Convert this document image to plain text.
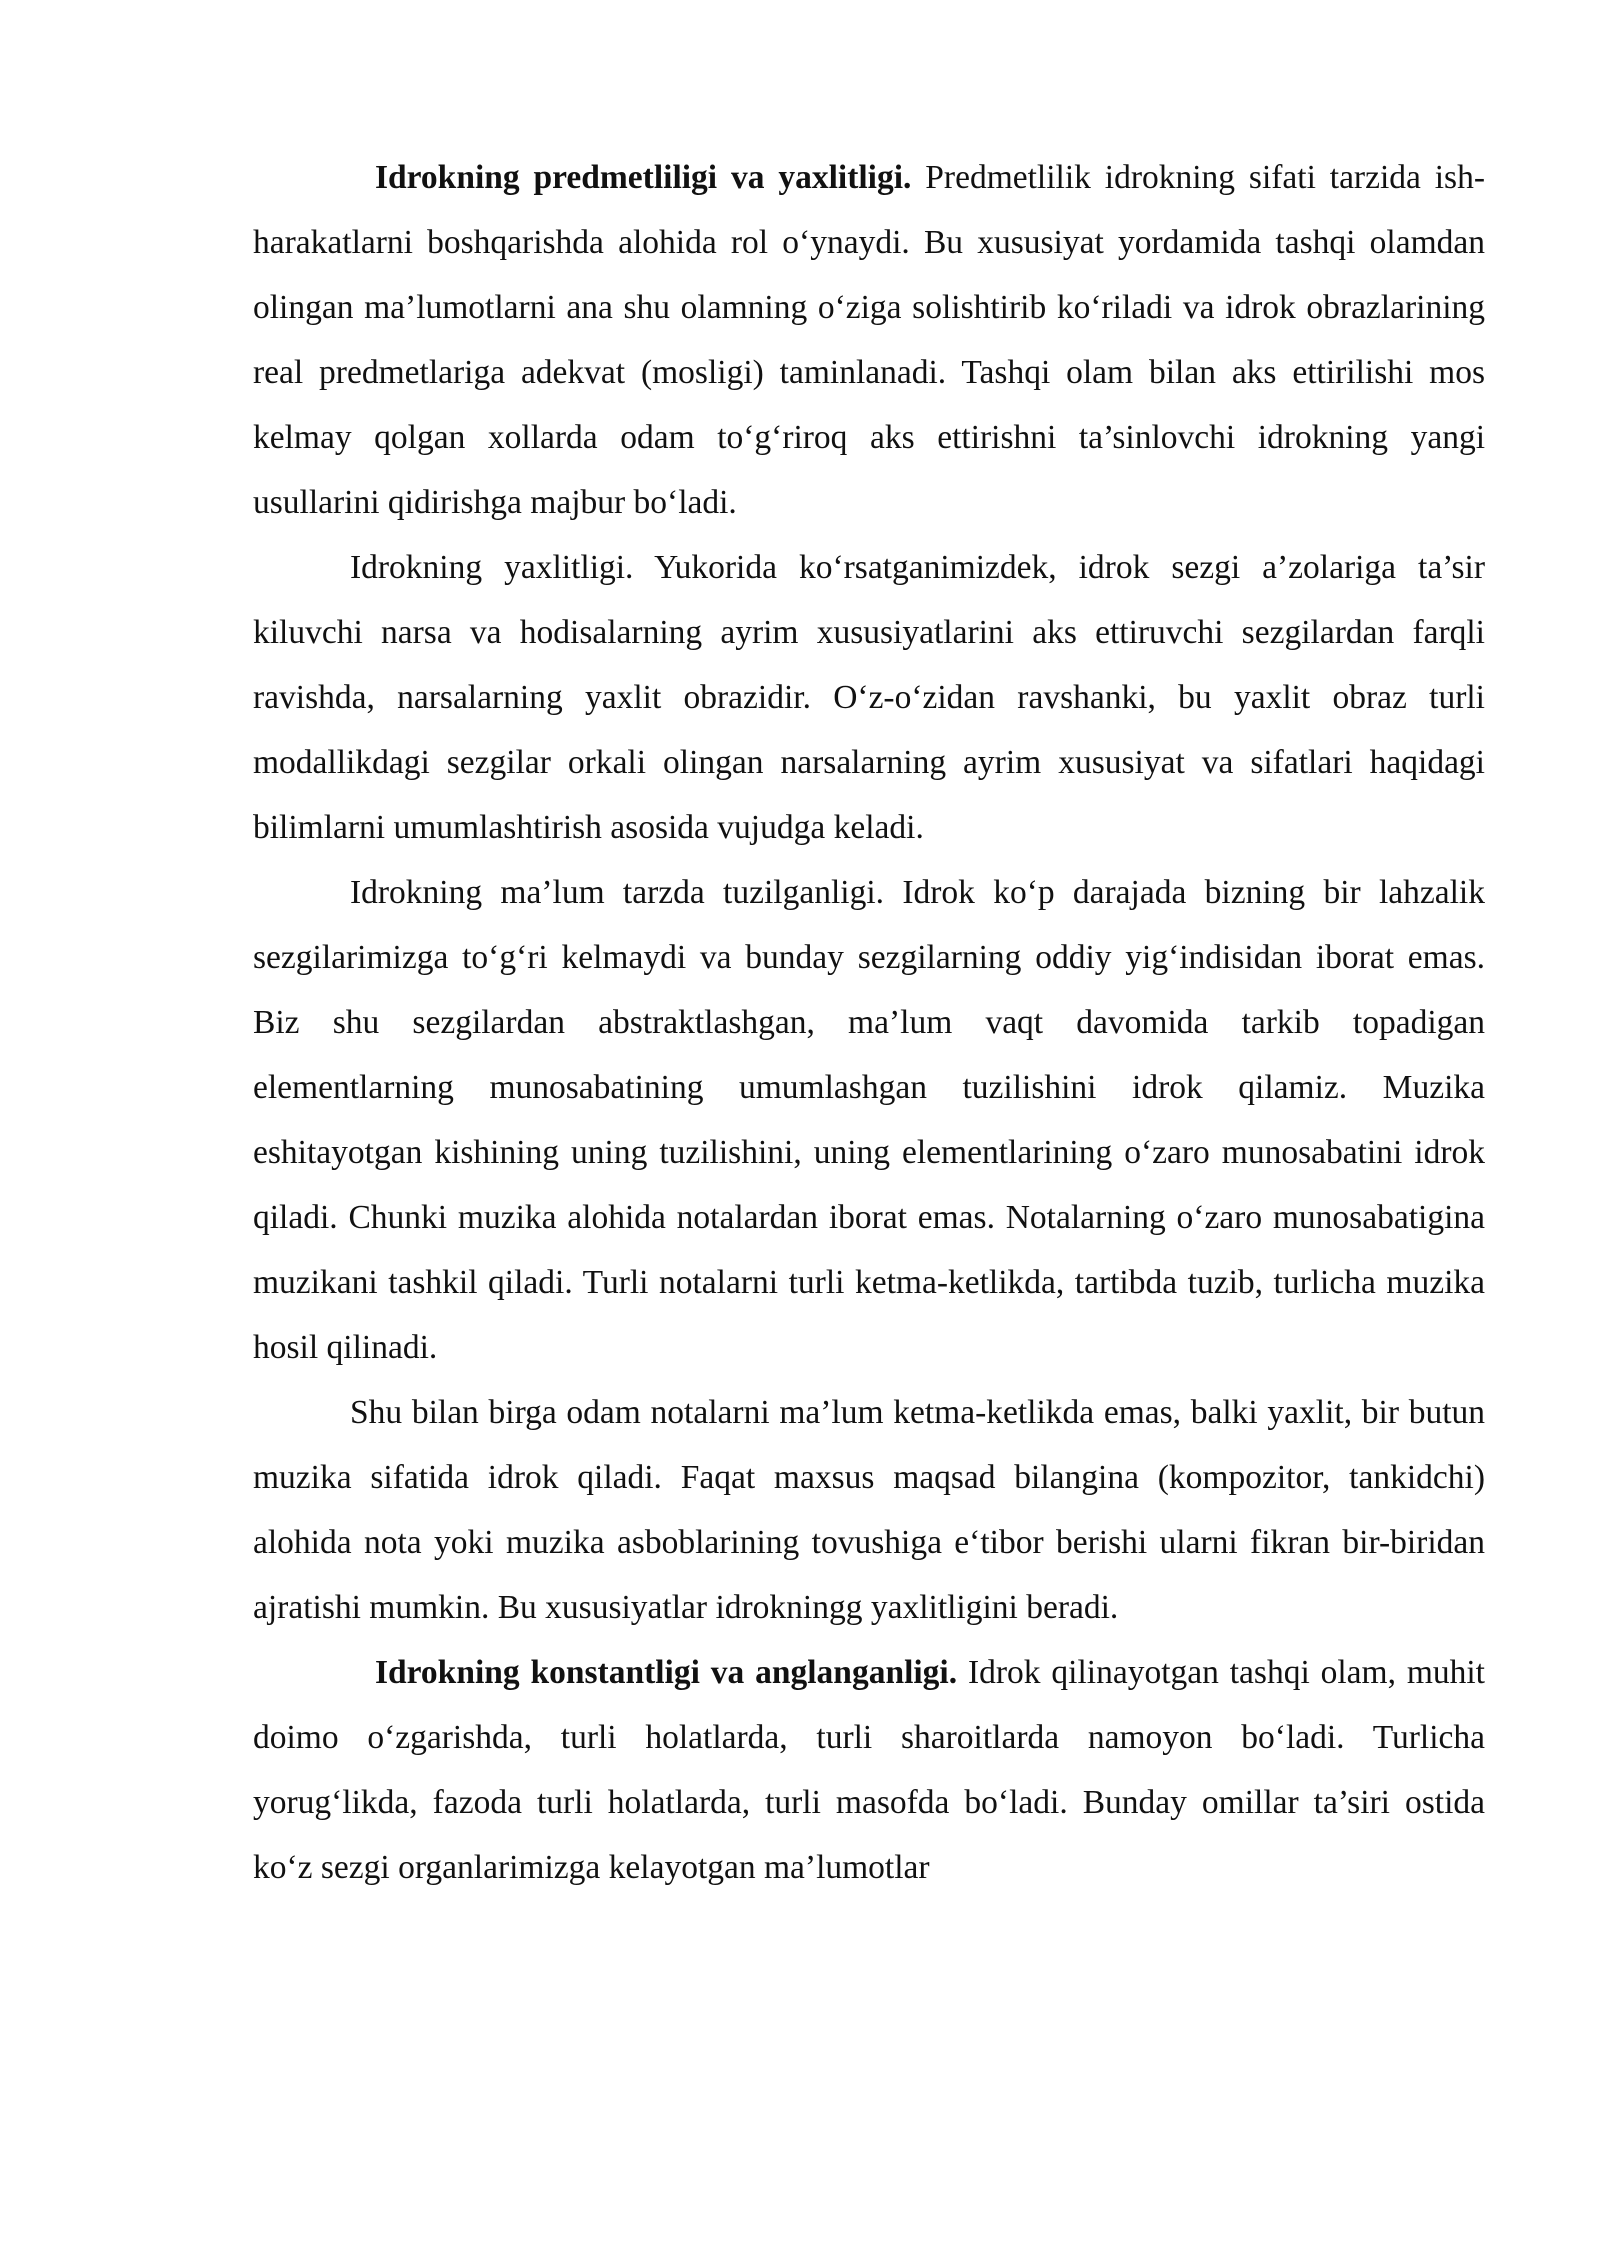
Idrokning predmetliligi va yaxlitligi. Predmetlilik idrokning sifati tarzida ish-harakatlarni boshqarishda alohida rol o‘ynaydi. Bu xususiyat yordamida tashqi olamdan olingan ma’lumotlarni ana shu olamning o‘ziga solishtirib ko‘riladi va idrok obrazlarining real predmetlariga adekvat (mosligi) taminlanadi. Tashqi olam bilan aks ettirilishi mos kelmay qolgan xollarda odam to‘g‘riroq aks ettirishni ta’sinlovchi idrokning yangi usullarini qidirishga majbur bo‘ladi.

Idrokning yaxlitligi. Yukorida ko‘rsatganimizdek, idrok sezgi a’zolariga ta’sir kiluvchi narsa va hodisalarning ayrim xususiyatlarini aks ettiruvchi sezgilardan farqli ravishda, narsalarning yaxlit obrazidir. O‘z-o‘zidan ravshanki, bu yaxlit obraz turli modallikdagi sezgilar orkali olingan narsalarning ayrim xususiyat va sifatlari haqidagi bilimlarni umumlashtirish asosida vujudga keladi.

Idrokning ma’lum tarzda tuzilganligi. Idrok ko‘p darajada bizning bir lahzalik sezgilarimizga to‘g‘ri kelmaydi va bunday sezgilarning oddiy yig‘indisidan iborat emas. Biz shu sezgilardan abstraktlashgan, ma’lum vaqt davomida tarkib topadigan elementlarning munosabatining umumlashgan tuzilishini idrok qilamiz. Muzika eshitayotgan kishining uning tuzilishini, uning elementlarining o‘zaro munosabatini idrok qiladi. Chunki muzika alohida notalardan iborat emas. Notalarning o‘zaro munosabatigina muzikani tashkil qiladi. Turli notalarni turli ketma-ketlikda, tartibda tuzib, turlicha muzika hosil qilinadi.

Shu bilan birga odam notalarni ma’lum ketma-ketlikda emas, balki yaxlit, bir butun muzika sifatida idrok qiladi. Faqat maxsus maqsad bilangina (kompozitor, tankidchi) alohida nota yoki muzika asboblarining tovushiga e‘tibor berishi ularni fikran bir-biridan ajratishi mumkin. Bu xususiyatlar idrokningg yaxlitligini beradi.

Idrokning konstantligi va anglanganligi. Idrok qilinayotgan tashqi olam, muhit doimo o‘zgarishda, turli holatlarda, turli sharoitlarda namoyon bo‘ladi. Turlicha yorug‘likda, fazoda turli holatlarda, turli masofda bo‘ladi. Bunday omillar ta’siri ostida ko‘z sezgi organlarimizga kelayotgan ma’lumotlar
